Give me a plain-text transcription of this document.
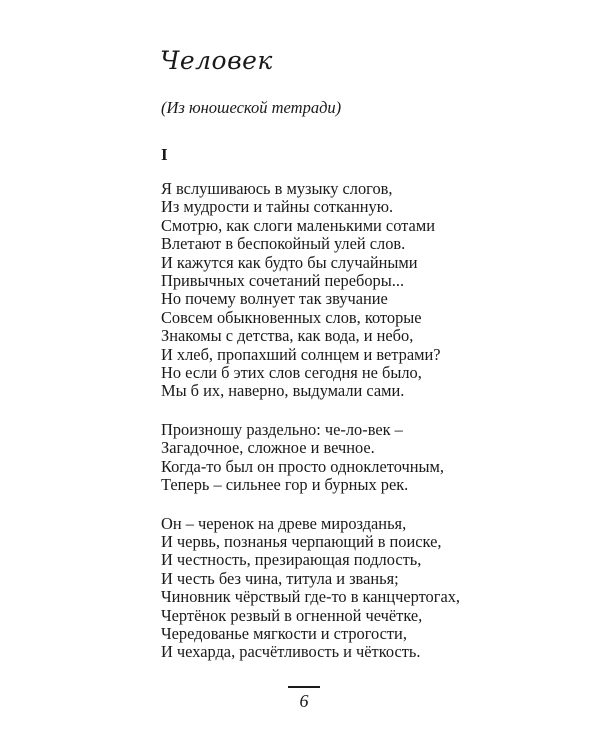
Человек

(Из юношеской тетради)

I

Я вслушиваюсь в музыку слогов,
Из мудрости и тайны сотканную.
Смотрю, как слоги маленькими сотами
Влетают в беспокойный улей слов.
И кажутся как будто бы случайными
Привычных сочетаний переборы...
Но почему волнует так звучание
Совсем обыкновенных слов, которые
Знакомы с детства, как вода, и небо,
И хлеб, пропахший солнцем и ветрами?
Но если б этих слов сегодня не было,
Мы б их, наверно, выдумали сами.
Произношу раздельно: че-ло-век –
Загадочное, сложное и вечное.
Когда-то был он просто одноклеточным,
Теперь – сильнее гор и бурных рек.
Он – черенок на древе мирозданья,
И червь, познанья черпающий в поиске,
И честность, презирающая подлость,
И честь без чина, титула и званья;
Чиновник чёрствый где-то в канцчертогах,
Чертёнок резвый в огненной чечётке,
Чередованье мягкости и строгости,
И чехарда, расчётливость и чёткость.
6
